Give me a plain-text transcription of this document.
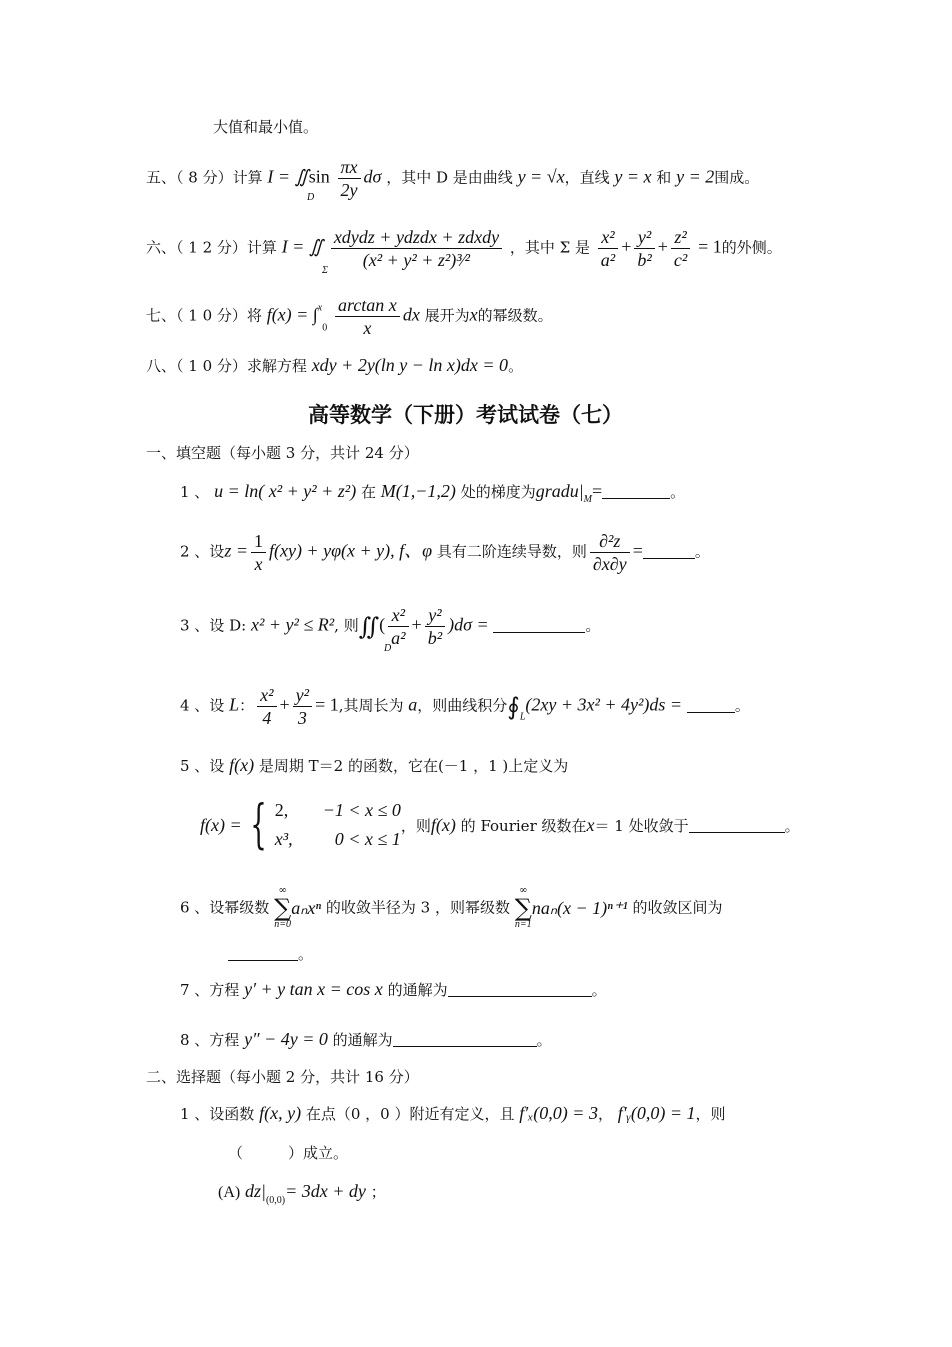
大值和最小值。
五、（ 8 分）计算 I = ∬sin $\frac{\pi x}{2y}$ dσ ，其中 D 是由曲线 y = √x，直线 y = x 和 y = 2围成。
D
六、（ 1 2 分）计算 I = ∬ $\frac{\text{xdydz + ydzdx + zdxdy}}{\text{(x² + y² + z²)³⁄²}}$ ，其中 Σ 是 $\frac{\text{x²}}{\text{a²}} + \frac{\text{y²}}{\text{b²}} + \frac{\text{z²}}{\text{c²}} = 1$的外侧。
Σ
七、（ 1 0 分）将 $f(x) = \int^x_0 \frac{\text{arctan x}}{x}$ dx 展开为x的幂级数。
八、（ 1 0 分）求解方程 xdy + 2y(ln y − ln x)dx = 0。
高等数学（下册）考试试卷（七）
一、填空题（每小题 3 分，共计 24 分）
1 、 u = ln( x² + y² + z²) 在 M(1,−1,2) 处的梯度为$gradu|_M=$	。
2 、设$z = \frac{1}{x} f(xy) + y\varphi(x + y)$, f、φ 具有二阶连续导数，则 $\frac{\text{∂²z}}{\partial x\partial y}$ =	。
3 、设 D: x² + y² ≤ R², 则∬( $\frac{\text{x²}}{\text{a²}} + \frac{\text{y²}}{\text{b²}} )d\sigma$ =	。
D
4 、设 L： $\frac{\text{x²}}{4} + \frac{\text{y²}}{3} = 1$,其周长为 a，则曲线积分$∮_L(2xy + 3x^2 + 4y^2)ds$ =	。
5 、设 f(x) 是周期 T＝2 的函数，它在(－1 ，1 )上定义为
f(x) = { 2, −1 < x ≤ 0
x³, 0 < x ≤ 1
，则f(x) 的 Fourier 级数在x＝ 1 处收敛于	。
6 、设幂级数
∞
∑
n=0
aₙxⁿ 的收敛半径为 3 ，则幂级数
∞
∑
n=1
naₙ(x − 1)ⁿ⁺¹ 的收敛区间为
。
7 、方程 y′ + y tan x = cos x 的通解为	。
8 、方程 y″ − 4y = 0 的通解为	。
二、选择题（每小题 2 分，共计 16 分）
1 、设函数 f(x, y) 在点（0 ，0 ）附近有定义，且 f′ₓ(0,0) = 3， f′ᵧ(0,0) = 1，则
（　　　）成立。
(A) $dz|_{(0,0)}= 3dx$ + dy ；
